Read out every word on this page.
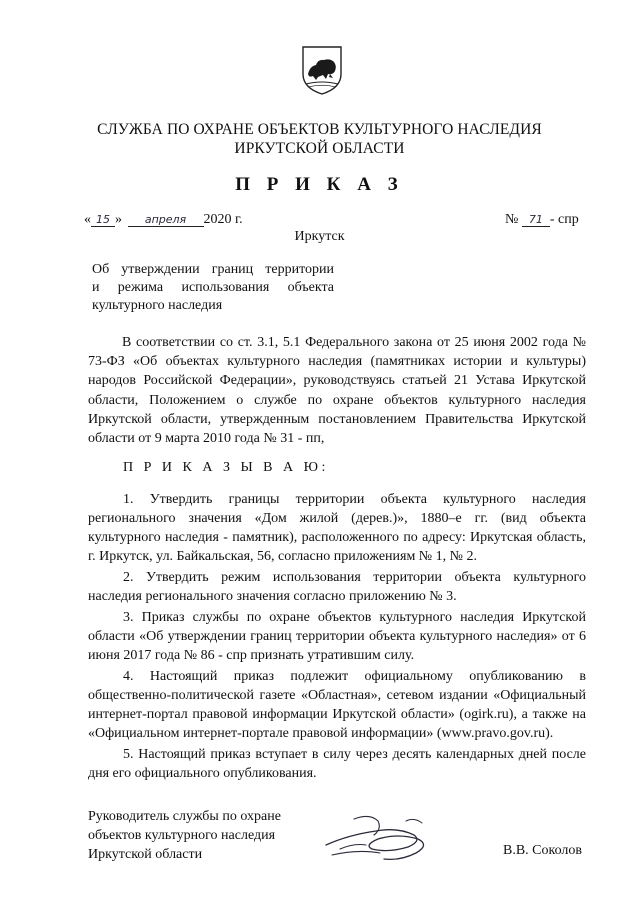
СЛУЖБА ПО ОХРАНЕ ОБЪЕКТОВ КУЛЬТУРНОГО НАСЛЕДИЯ
ИРКУТСКОЙ ОБЛАСТИ
П Р И К А З
« 15 » апреля 2020 г.	№ 71 - спр
Иркутск
Об утверждении границ территории
и режима использования объекта
культурного наследия
В соответствии со ст. 3.1, 5.1 Федерального закона от 25 июня 2002 года № 73-ФЗ «Об объектах культурного наследия (памятниках истории и культуры) народов Российской Федерации», руководствуясь статьей 21 Устава Иркутской области, Положением о службе по охране объектов культурного наследия Иркутской области, утвержденным постановлением Правительства Иркутской области от 9 марта 2010 года № 31 - пп,
П Р И К А З Ы В А Ю:

1. Утвердить границы территории объекта культурного наследия регионального значения «Дом жилой (дерев.)», 1880–е гг. (вид объекта культурного наследия - памятник), расположенного по адресу: Иркутская область, г. Иркутск, ул. Байкальская, 56, согласно приложениям № 1, № 2.

2. Утвердить режим использования территории объекта культурного наследия регионального значения согласно приложению № 3.

3. Приказ службы по охране объектов культурного наследия Иркутской области «Об утверждении границ территории объекта культурного наследия» от 6 июня 2017 года № 86 - спр признать утратившим силу.

4. Настоящий приказ подлежит официальному опубликованию в общественно-политической газете «Областная», сетевом издании «Официальный интернет-портал правовой информации Иркутской области» (ogirk.ru), а также на «Официальном интернет-портале правовой информации» (www.pravo.gov.ru).

5. Настоящий приказ вступает в силу через десять календарных дней после дня его официального опубликования.

Руководитель службы по охране
объектов культурного наследия
Иркутской области	В.В. Соколов
